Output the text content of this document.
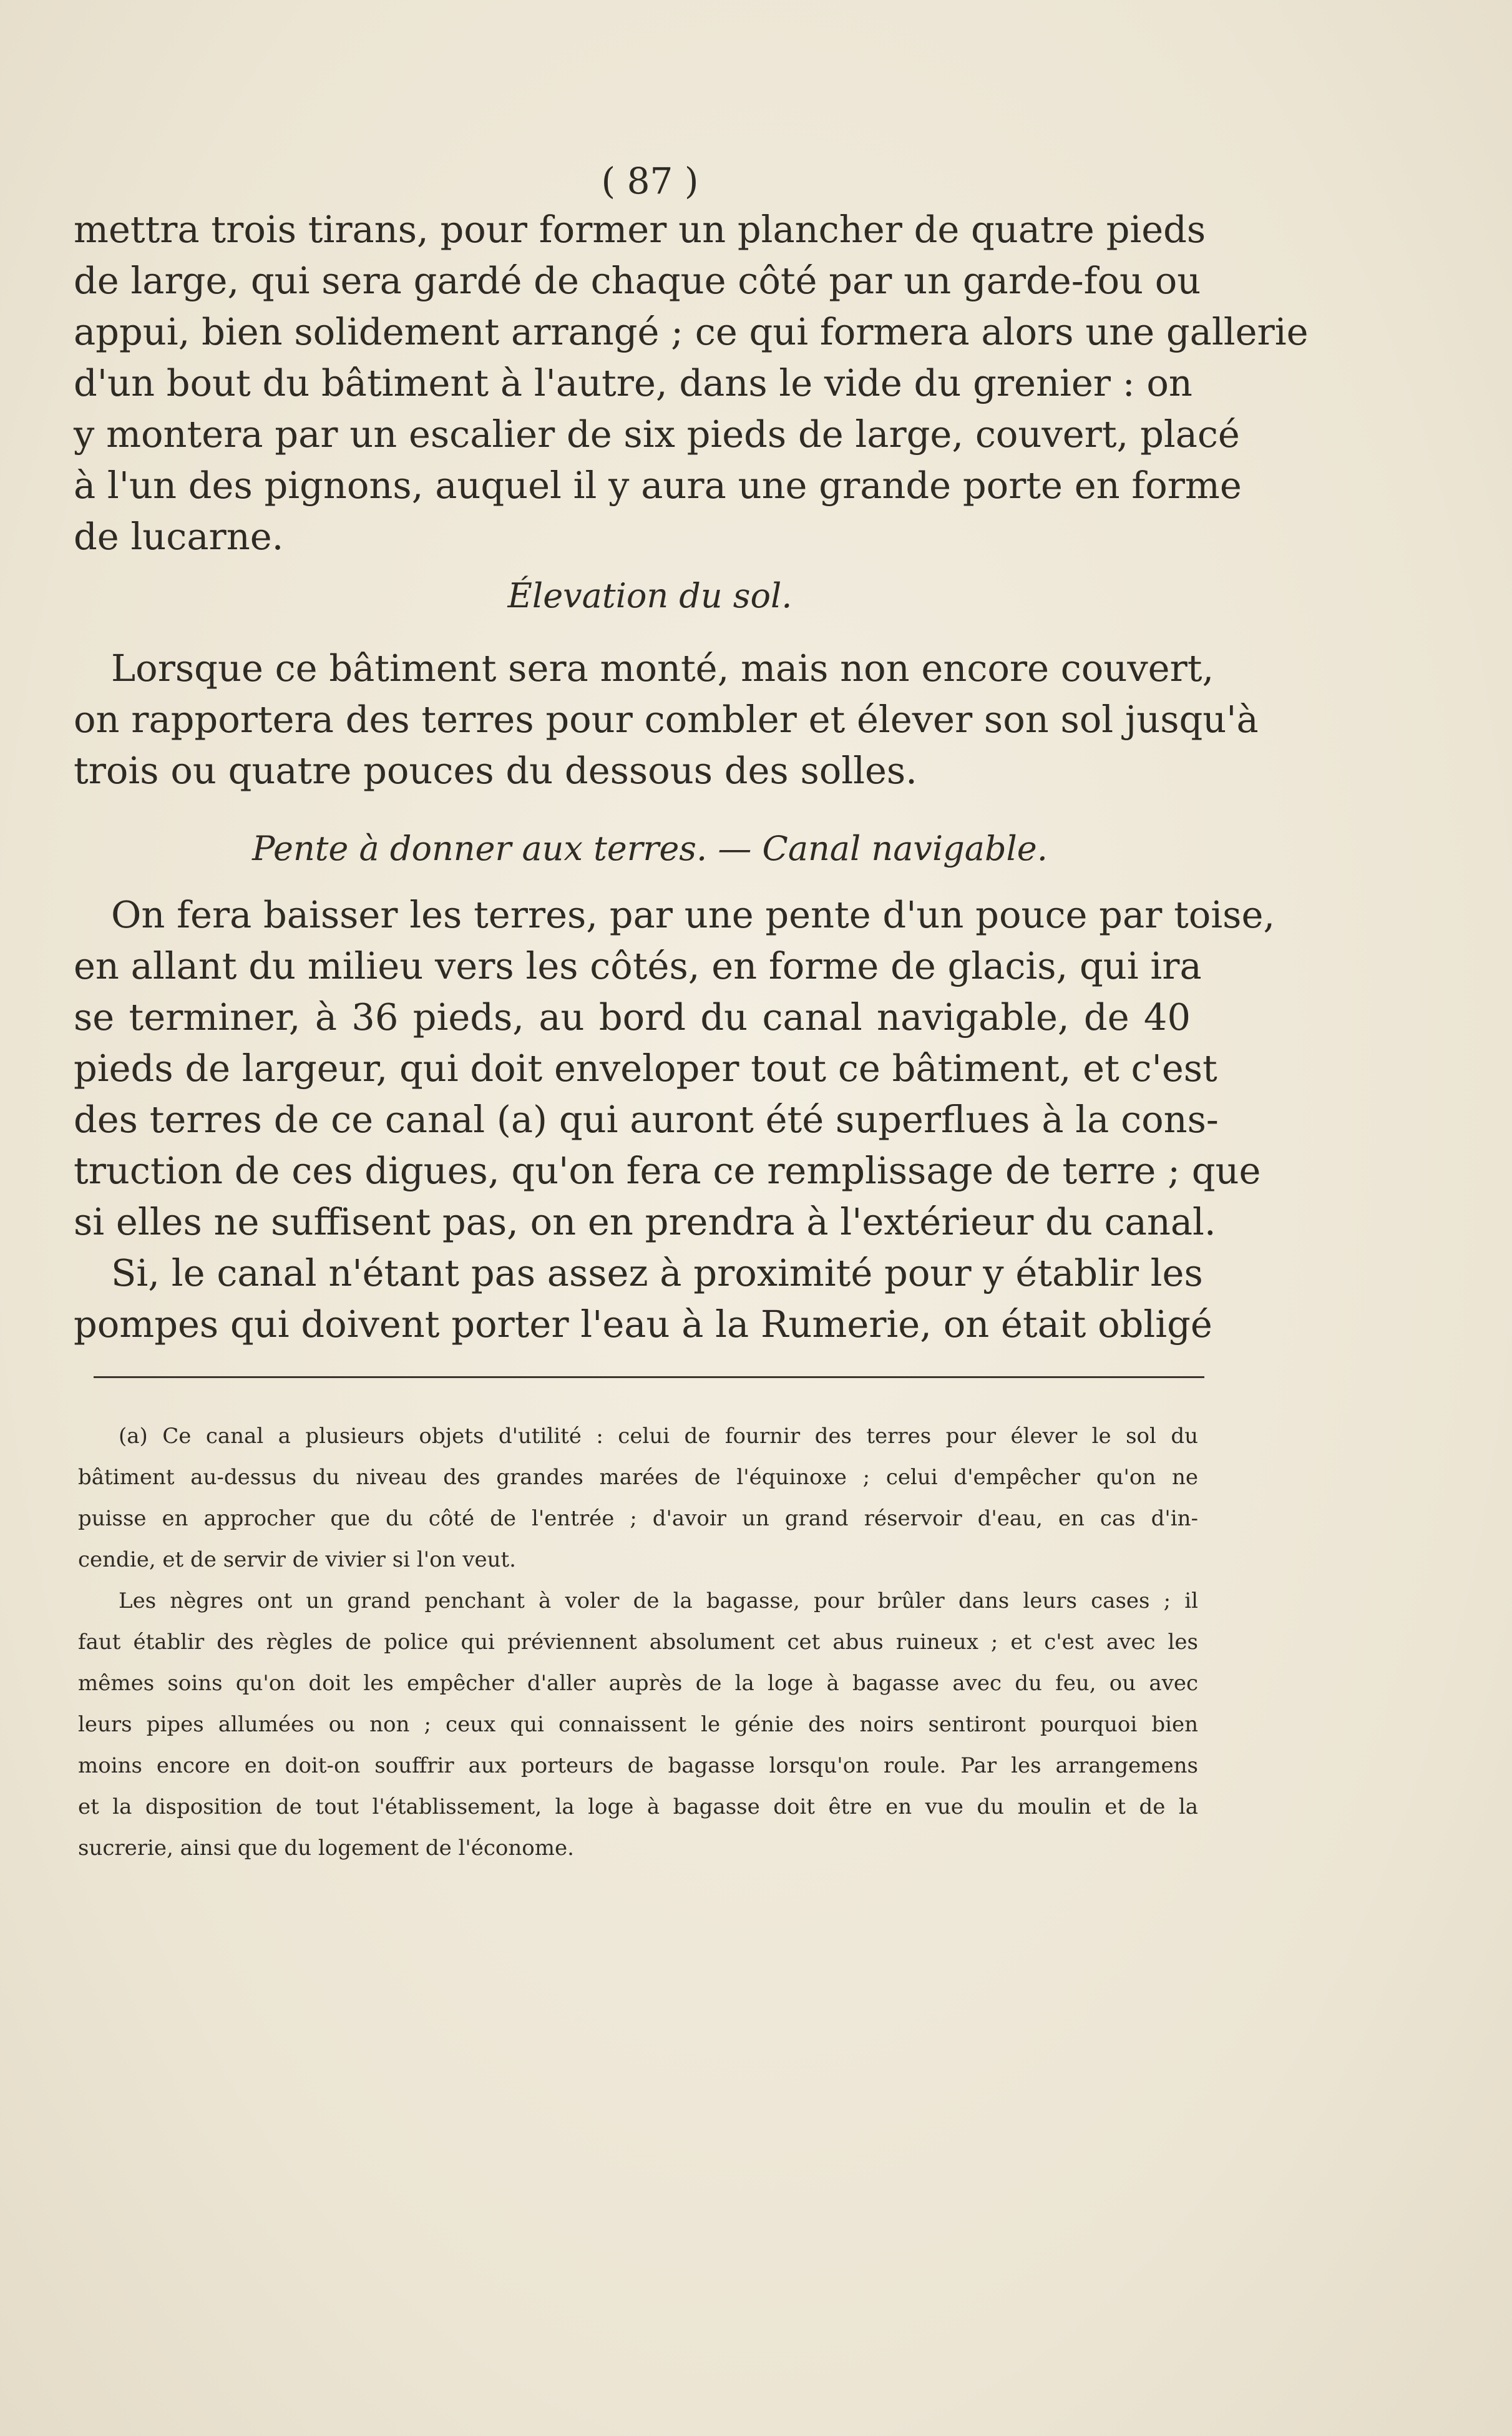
( 87 )
mettra trois tirans, pour former un plancher de quatre pieds
de large, qui sera gardé de chaque côté par un garde-fou ou
appui, bien solidement arrangé ; ce qui formera alors une gallerie
d'un bout du bâtiment à l'autre, dans le vide du grenier : on
y montera par un escalier de six pieds de large, couvert, placé
à l'un des pignons, auquel il y aura une grande porte en forme
de lucarne.
Élevation du sol.
Lorsque ce bâtiment sera monté, mais non encore couvert,
on rapportera des terres pour combler et élever son sol jusqu'à
trois ou quatre pouces du dessous des solles.
Pente à donner aux terres. — Canal navigable.
On fera baisser les terres, par une pente d'un pouce par toise,
en allant du milieu vers les côtés, en forme de glacis, qui ira
se terminer, à 36 pieds, au bord du canal navigable, de 40
pieds de largeur, qui doit enveloper tout ce bâtiment, et c'est
des terres de ce canal (a) qui auront été superflues à la cons-
truction de ces digues, qu'on fera ce remplissage de terre ; que
si elles ne suffisent pas, on en prendra à l'extérieur du canal.
Si, le canal n'étant pas assez à proximité pour y établir les
pompes qui doivent porter l'eau à la Rumerie, on était obligé
(a) Ce canal a plusieurs objets d'utilité : celui de fournir des terres pour élever le sol du
bâtiment au-dessus du niveau des grandes marées de l'équinoxe ; celui d'empêcher qu'on ne
puisse en approcher que du côté de l'entrée ; d'avoir un grand réservoir d'eau, en cas d'in-
cendie, et de servir de vivier si l'on veut.
Les nègres ont un grand penchant à voler de la bagasse, pour brûler dans leurs cases ; il
faut établir des règles de police qui préviennent absolument cet abus ruineux ; et c'est avec les
mêmes soins qu'on doit les empêcher d'aller auprès de la loge à bagasse avec du feu, ou avec
leurs pipes allumées ou non ; ceux qui connaissent le génie des noirs sentiront pourquoi bien
moins encore en doit-on souffrir aux porteurs de bagasse lorsqu'on roule. Par les arrangemens
et la disposition de tout l'établissement, la loge à bagasse doit être en vue du moulin et de la
sucrerie, ainsi que du logement de l'économe.
